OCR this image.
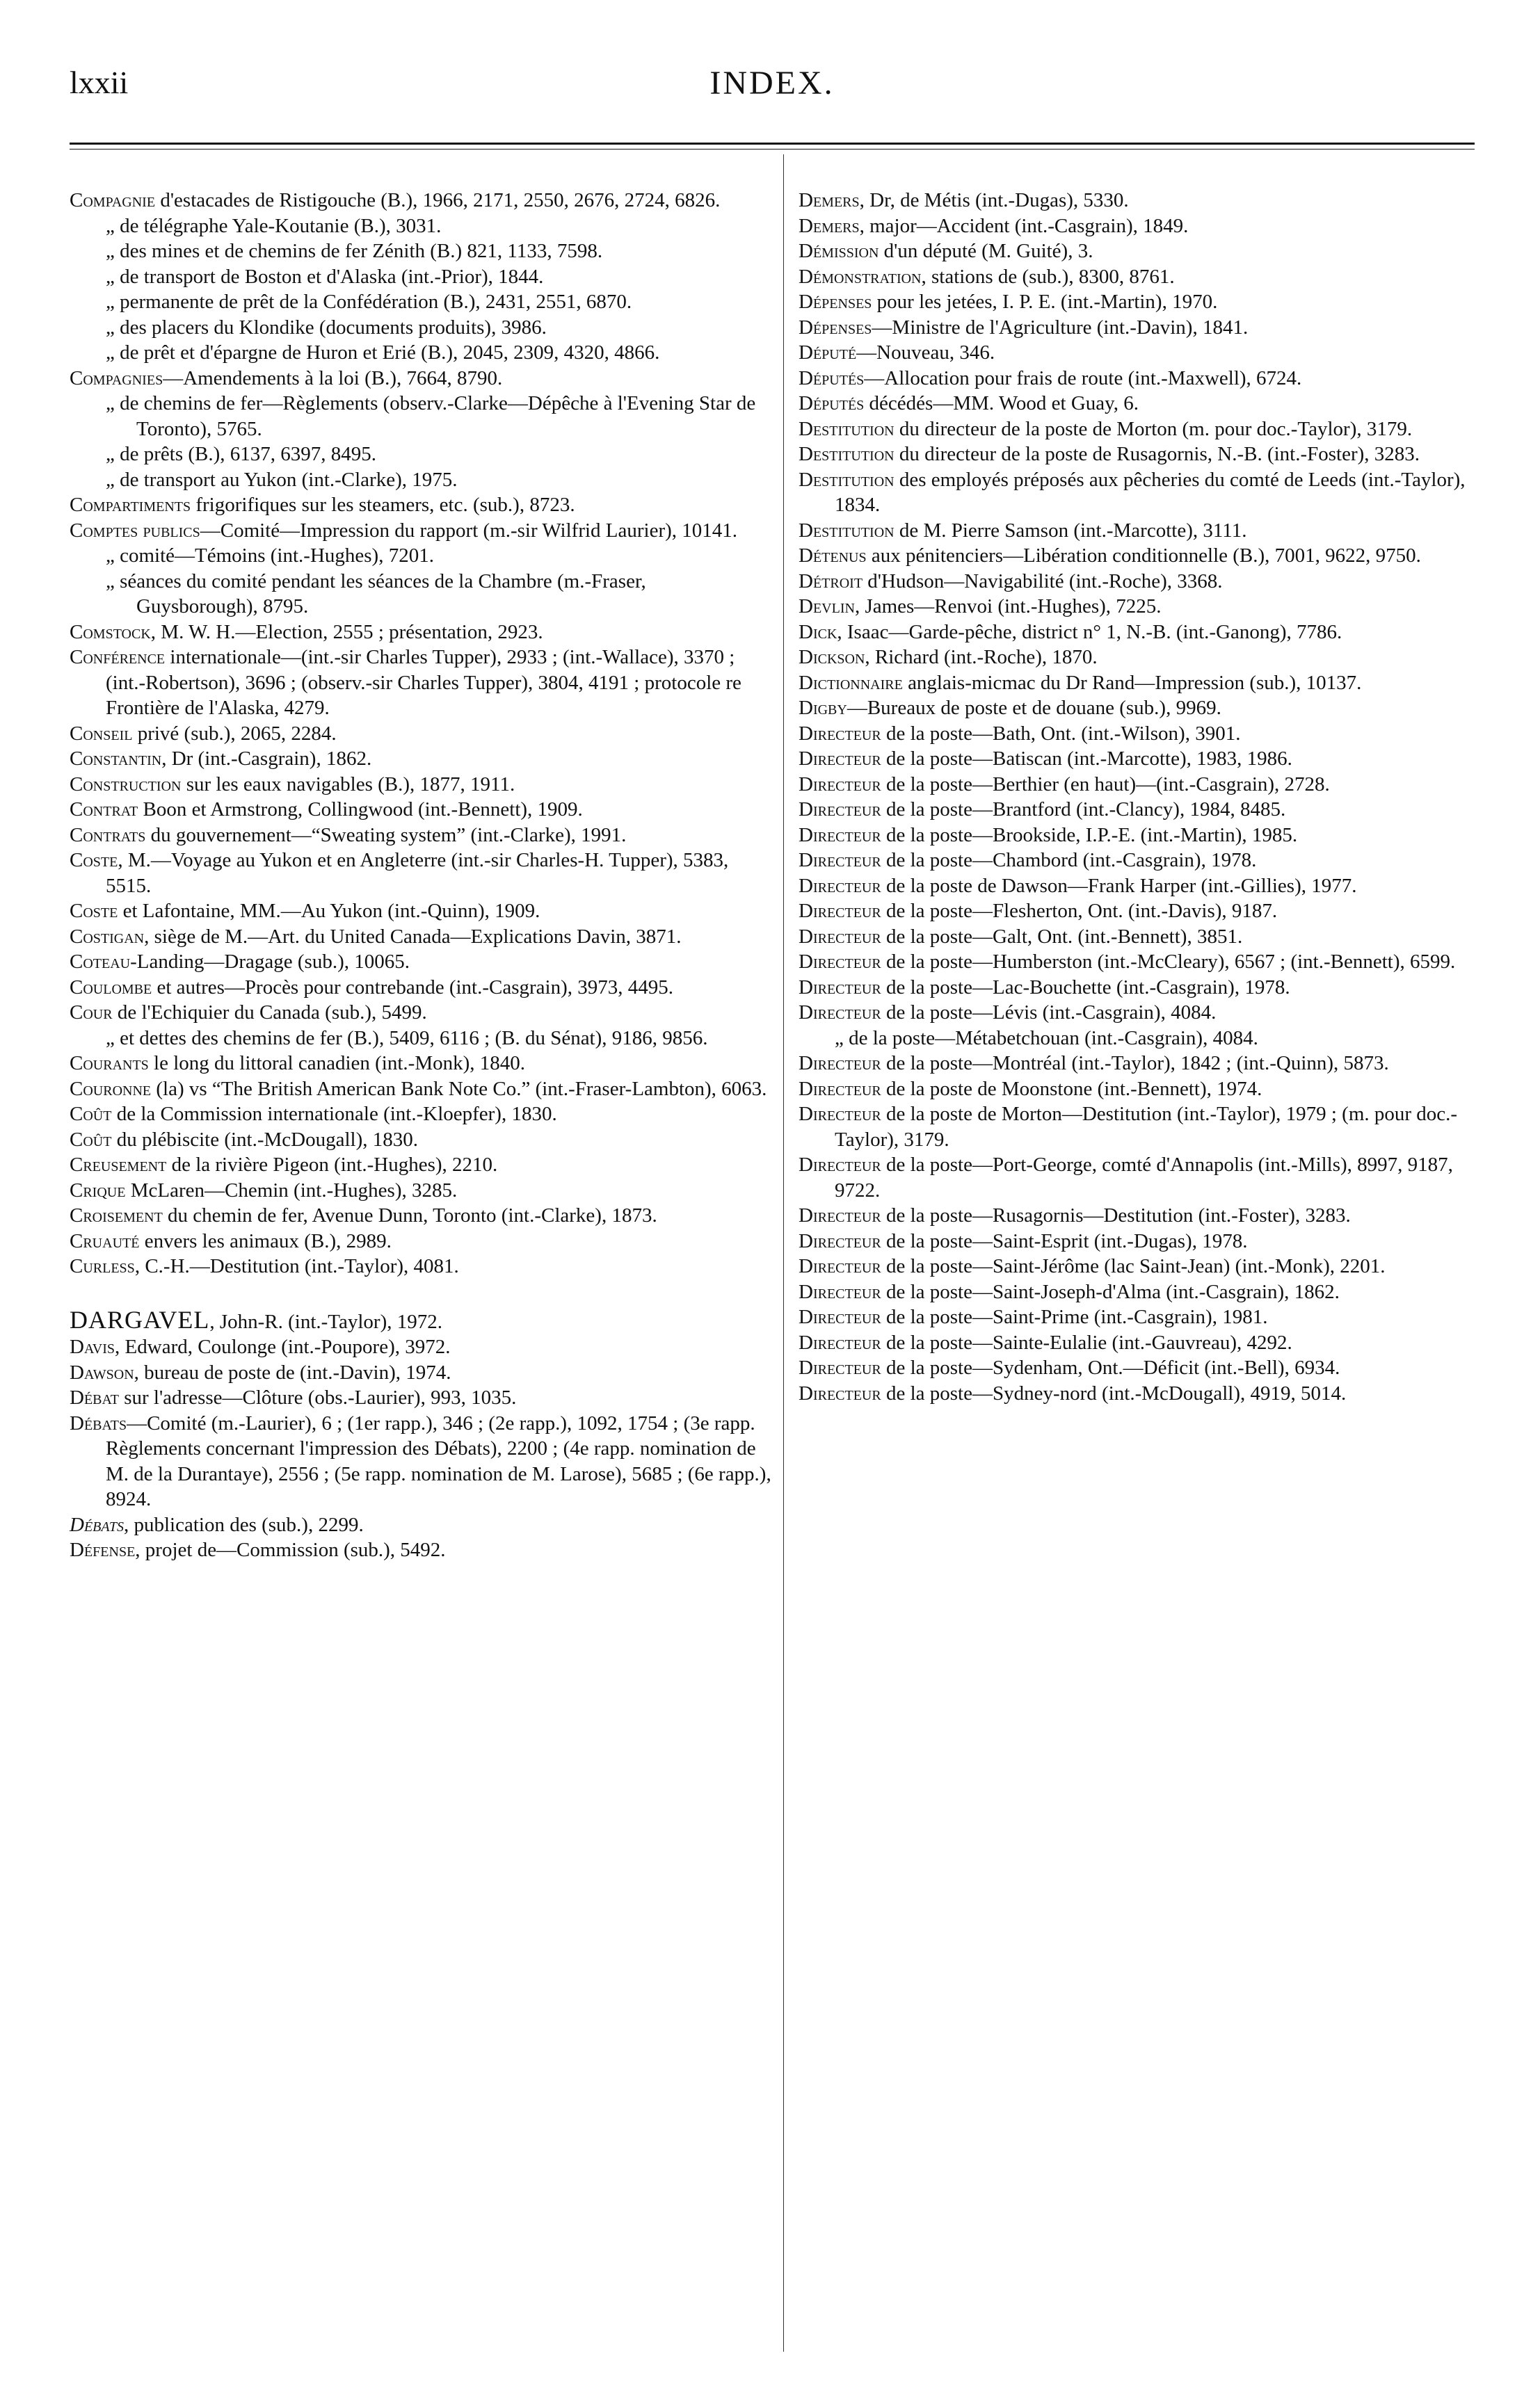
lxxii	INDEX.

Compagnie d'estacades de Ristigouche (B.), 1966, 2171, 2550, 2676, 2724, 6826.

„ de télégraphe Yale-Koutanie (B.), 3031.

„ des mines et de chemins de fer Zénith (B.) 821, 1133, 7598.

„ de transport de Boston et d'Alaska (int.-Prior), 1844.

„ permanente de prêt de la Confédération (B.), 2431, 2551, 6870.

„ des placers du Klondike (documents produits), 3986.

„ de prêt et d'épargne de Huron et Erié (B.), 2045, 2309, 4320, 4866.

Compagnies—Amendements à la loi (B.), 7664, 8790.

„ de chemins de fer—Règlements (observ.-Clarke—Dépêche à l'Evening Star de Toronto), 5765.

„ de prêts (B.), 6137, 6397, 8495.

„ de transport au Yukon (int.-Clarke), 1975.

Compartiments frigorifiques sur les steamers, etc. (sub.), 8723.

Comptes publics—Comité—Impression du rapport (m.-sir Wilfrid Laurier), 10141.

„ comité—Témoins (int.-Hughes), 7201.

„ séances du comité pendant les séances de la Chambre (m.-Fraser, Guysborough), 8795.

Comstock, M. W. H.—Election, 2555 ; présentation, 2923.

Conférence internationale—(int.-sir Charles Tupper), 2933 ; (int.-Wallace), 3370 ; (int.-Robertson), 3696 ; (observ.-sir Charles Tupper), 3804, 4191 ; protocole re Frontière de l'Alaska, 4279.

Conseil privé (sub.), 2065, 2284.

Constantin, Dr (int.-Casgrain), 1862.

Construction sur les eaux navigables (B.), 1877, 1911.

Contrat Boon et Armstrong, Collingwood (int.-Bennett), 1909.

Contrats du gouvernement—“Sweating system” (int.-Clarke), 1991.

Coste, M.—Voyage au Yukon et en Angleterre (int.-sir Charles-H. Tupper), 5383, 5515.

Coste et Lafontaine, MM.—Au Yukon (int.-Quinn), 1909.

Costigan, siège de M.—Art. du United Canada—Explications Davin, 3871.

Coteau-Landing—Dragage (sub.), 10065.

Coulombe et autres—Procès pour contrebande (int.-Casgrain), 3973, 4495.

Cour de l'Echiquier du Canada (sub.), 5499.

„ et dettes des chemins de fer (B.), 5409, 6116 ; (B. du Sénat), 9186, 9856.

Courants le long du littoral canadien (int.-Monk), 1840.

Couronne (la) vs “The British American Bank Note Co.” (int.-Fraser-Lambton), 6063.

Coût de la Commission internationale (int.-Kloepfer), 1830.

Coût du plébiscite (int.-McDougall), 1830.

Creusement de la rivière Pigeon (int.-Hughes), 2210.

Crique McLaren—Chemin (int.-Hughes), 3285.

Croisement du chemin de fer, Avenue Dunn, Toronto (int.-Clarke), 1873.

Cruauté envers les animaux (B.), 2989.

Curless, C.-H.—Destitution (int.-Taylor), 4081.

DARGAVEL, John-R. (int.-Taylor), 1972.

Davis, Edward, Coulonge (int.-Poupore), 3972.

Dawson, bureau de poste de (int.-Davin), 1974.

Débat sur l'adresse—Clôture (obs.-Laurier), 993, 1035.

Débats—Comité (m.-Laurier), 6 ; (1er rapp.), 346 ; (2e rapp.), 1092, 1754 ; (3e rapp. Règlements concernant l'impression des Débats), 2200 ; (4e rapp. nomination de M. de la Durantaye), 2556 ; (5e rapp. nomination de M. Larose), 5685 ; (6e rapp.), 8924.

Débats, publication des (sub.), 2299.

Défense, projet de—Commission (sub.), 5492.

Demers, Dr, de Métis (int.-Dugas), 5330.

Demers, major—Accident (int.-Casgrain), 1849.

Démission d'un député (M. Guité), 3.

Démonstration, stations de (sub.), 8300, 8761.

Dépenses pour les jetées, I. P. E. (int.-Martin), 1970.

Dépenses—Ministre de l'Agriculture (int.-Davin), 1841.

Député—Nouveau, 346.

Députés—Allocation pour frais de route (int.-Maxwell), 6724.

Députés décédés—MM. Wood et Guay, 6.

Destitution du directeur de la poste de Morton (m. pour doc.-Taylor), 3179.

Destitution du directeur de la poste de Rusagornis, N.-B. (int.-Foster), 3283.

Destitution des employés préposés aux pêcheries du comté de Leeds (int.-Taylor), 1834.

Destitution de M. Pierre Samson (int.-Marcotte), 3111.

Détenus aux pénitenciers—Libération conditionnelle (B.), 7001, 9622, 9750.

Détroit d'Hudson—Navigabilité (int.-Roche), 3368.

Devlin, James—Renvoi (int.-Hughes), 7225.

Dick, Isaac—Garde-pêche, district n° 1, N.-B. (int.-Ganong), 7786.

Dickson, Richard (int.-Roche), 1870.

Dictionnaire anglais-micmac du Dr Rand—Impression (sub.), 10137.

Digby—Bureaux de poste et de douane (sub.), 9969.

Directeur de la poste—Bath, Ont. (int.-Wilson), 3901.

Directeur de la poste—Batiscan (int.-Marcotte), 1983, 1986.

Directeur de la poste—Berthier (en haut)—(int.-Casgrain), 2728.

Directeur de la poste—Brantford (int.-Clancy), 1984, 8485.

Directeur de la poste—Brookside, I.P.-E. (int.-Martin), 1985.

Directeur de la poste—Chambord (int.-Casgrain), 1978.

Directeur de la poste de Dawson—Frank Harper (int.-Gillies), 1977.

Directeur de la poste—Flesherton, Ont. (int.-Davis), 9187.

Directeur de la poste—Galt, Ont. (int.-Bennett), 3851.

Directeur de la poste—Humberston (int.-McCleary), 6567 ; (int.-Bennett), 6599.

Directeur de la poste—Lac-Bouchette (int.-Casgrain), 1978.

Directeur de la poste—Lévis (int.-Casgrain), 4084.

„ de la poste—Métabetchouan (int.-Casgrain), 4084.

Directeur de la poste—Montréal (int.-Taylor), 1842 ; (int.-Quinn), 5873.

Directeur de la poste de Moonstone (int.-Bennett), 1974.

Directeur de la poste de Morton—Destitution (int.-Taylor), 1979 ; (m. pour doc.-Taylor), 3179.

Directeur de la poste—Port-George, comté d'Annapolis (int.-Mills), 8997, 9187, 9722.

Directeur de la poste—Rusagornis—Destitution (int.-Foster), 3283.

Directeur de la poste—Saint-Esprit (int.-Dugas), 1978.

Directeur de la poste—Saint-Jérôme (lac Saint-Jean) (int.-Monk), 2201.

Directeur de la poste—Saint-Joseph-d'Alma (int.-Casgrain), 1862.

Directeur de la poste—Saint-Prime (int.-Casgrain), 1981.

Directeur de la poste—Sainte-Eulalie (int.-Gauvreau), 4292.

Directeur de la poste—Sydenham, Ont.—Déficit (int.-Bell), 6934.

Directeur de la poste—Sydney-nord (int.-McDougall), 4919, 5014.
